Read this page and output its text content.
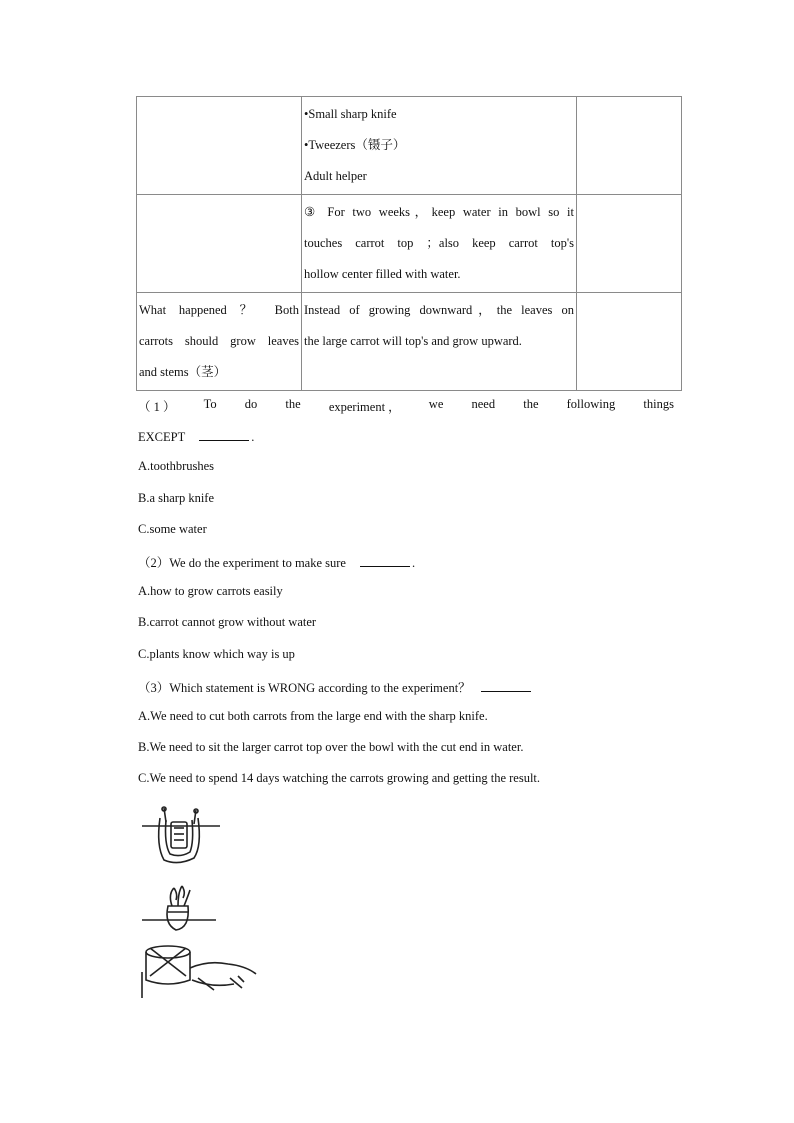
	•Small sharp knife
•Tweezers（镊子）
Adult helper	

	③ For two weeks，keep water in bowl so it
touches carrot top ；also keep carrot top's
hollow center filled with water.	

What happened ？ Both
carrots should grow leaves
and stems（茎）	Instead of growing downward，the leaves on
the large carrot will top's and grow upward.	

（ 1 ） To do the experiment ， we need the following things
EXCEPT	.
A.toothbrushes
B.a sharp knife
C.some water
（2）We do the experiment to make sure	.
A.how to grow carrots easily
B.carrot cannot grow without water
C.plants know which way is up
（3）Which statement is WRONG according to the experiment？
A.We need to cut both carrots from the large end with the sharp knife.
B.We need to sit the larger carrot top over the bowl with the cut end in water.
C.We need to spend 14 days watching the carrots growing and getting the result.
